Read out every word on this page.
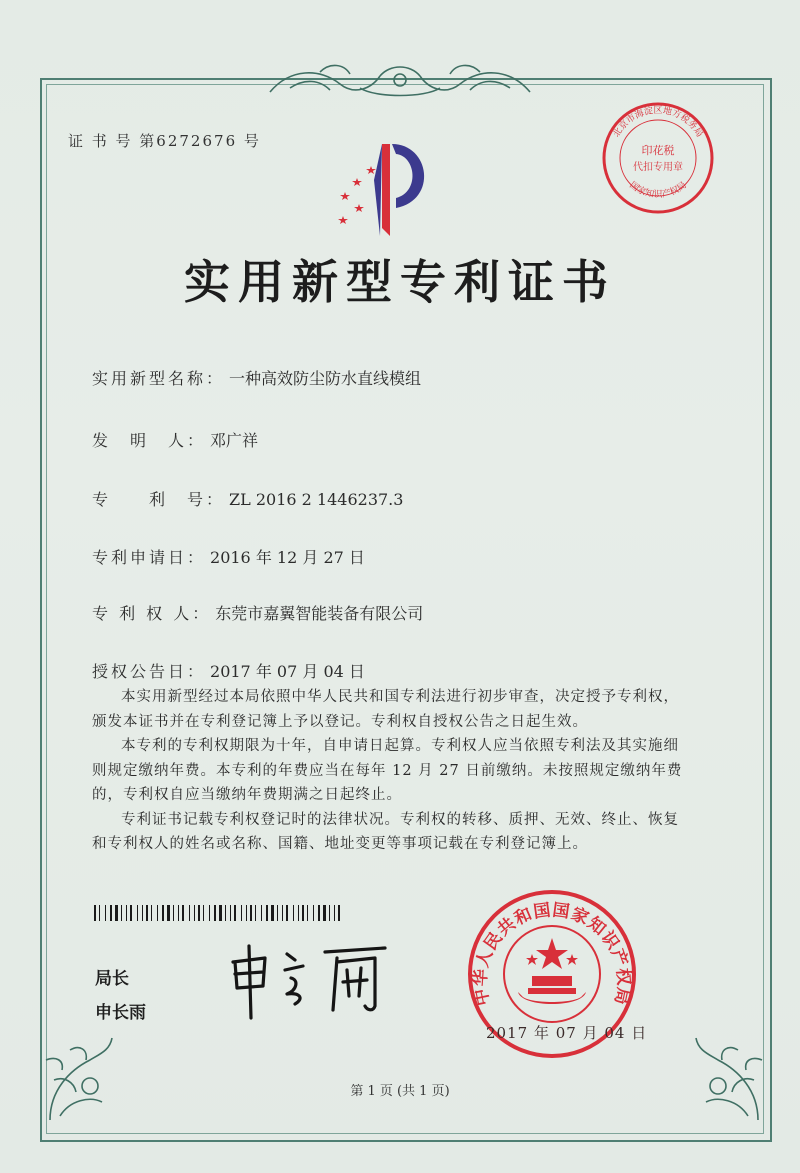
证 书 号 第6272676 号
印花税
代扣专用章
北京市海淀区地方税务局
国家知识产权局
实用新型专利证书
实用新型名称： 一种高效防尘防水直线模组
发　明　人： 邓广祥
专　　利　号： ZL 2016 2 1446237.3
专利申请日： 2016 年 12 月 27 日
专 利 权 人： 东莞市嘉翼智能装备有限公司
授权公告日： 2017 年 07 月 04 日

本实用新型经过本局依照中华人民共和国专利法进行初步审查，决定授予专利权，颁发本证书并在专利登记簿上予以登记。专利权自授权公告之日起生效。

本专利的专利权期限为十年，自申请日起算。专利权人应当依照专利法及其实施细则规定缴纳年费。本专利的年费应当在每年 12 月 27 日前缴纳。未按照规定缴纳年费的，专利权自应当缴纳年费期满之日起终止。

专利证书记载专利权登记时的法律状况。专利权的转移、质押、无效、终止、恢复和专利权人的姓名或名称、国籍、地址变更等事项记载在专利登记簿上。

局长
申长雨
中华人民共和国国家知识产权局
2017 年 07 月 04 日
第 1 页 (共 1 页)
